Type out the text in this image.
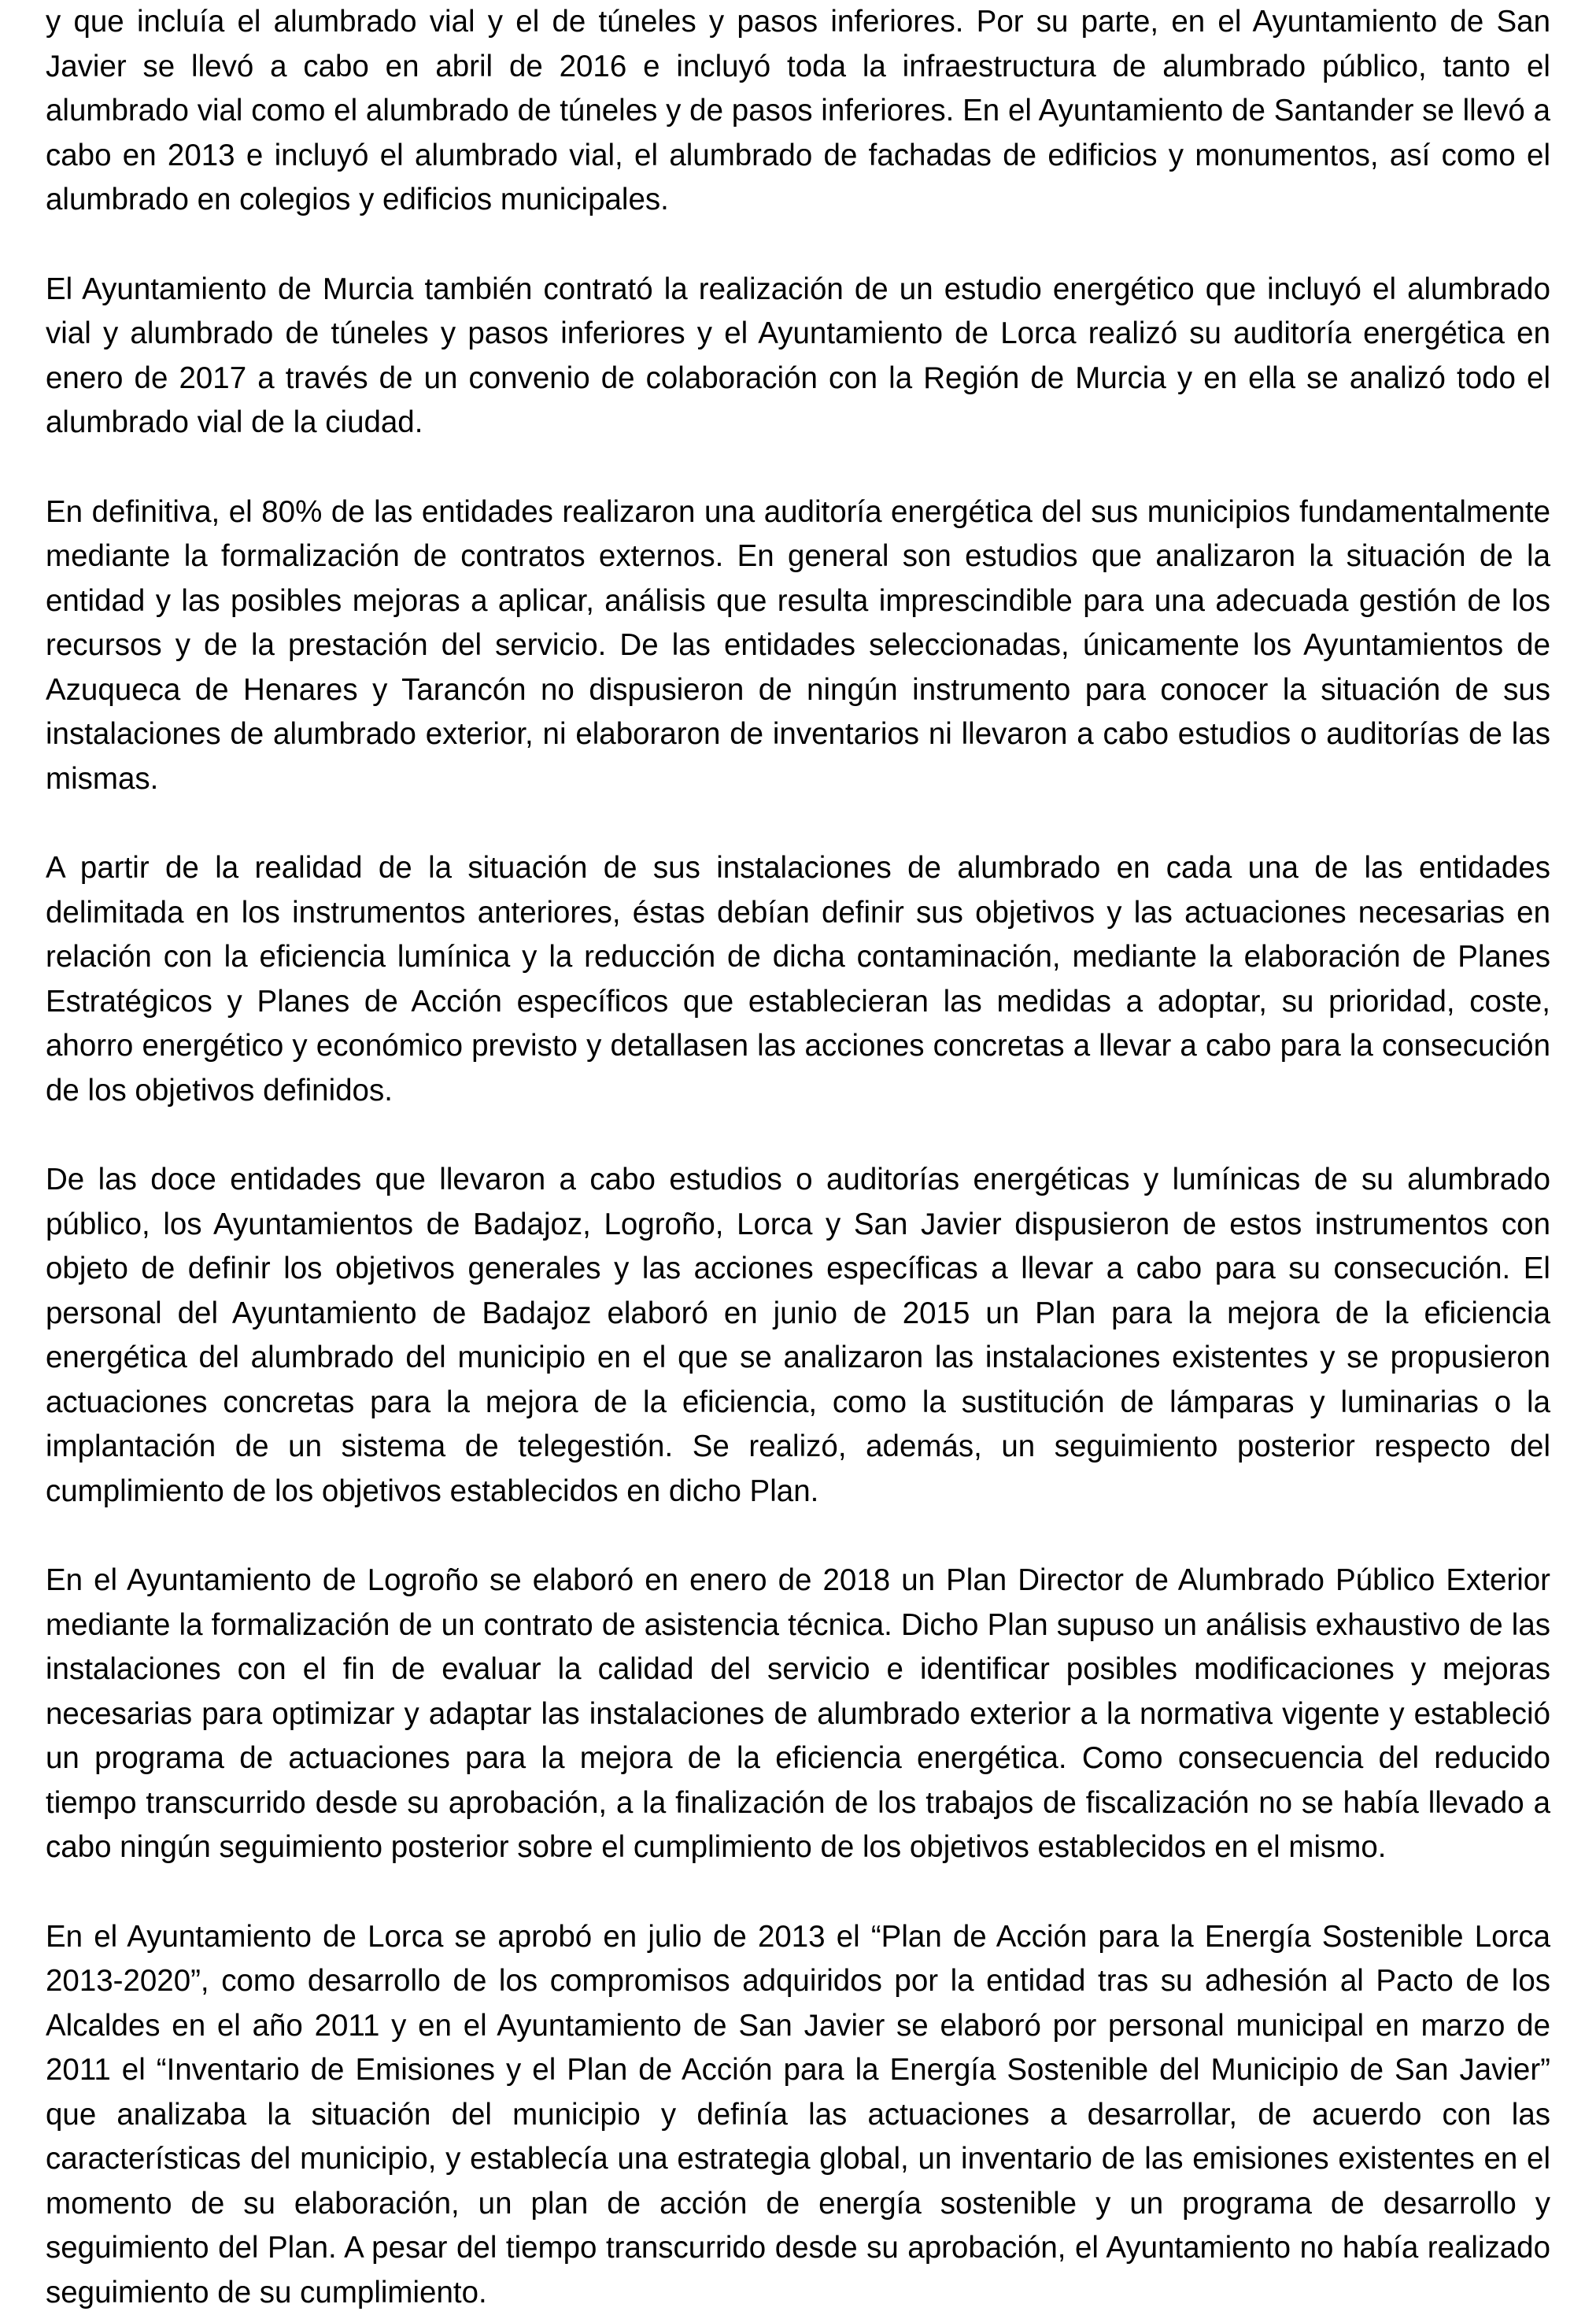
y que incluía el alumbrado vial y el de túneles y pasos inferiores. Por su parte, en el Ayuntamiento de San Javier se llevó a cabo en abril de 2016 e incluyó toda la infraestructura de alumbrado público, tanto el alumbrado vial como el alumbrado de túneles y de pasos inferiores. En el Ayuntamiento de Santander se llevó a cabo en 2013 e incluyó el alumbrado vial, el alumbrado de fachadas de edificios y monumentos, así como el alumbrado en colegios y edificios municipales.

El Ayuntamiento de Murcia también contrató la realización de un estudio energético que incluyó el alumbrado vial y alumbrado de túneles y pasos inferiores y el Ayuntamiento de Lorca realizó su auditoría energética en enero de 2017 a través de un convenio de colaboración con la Región de Murcia y en ella se analizó todo el alumbrado vial de la ciudad.

En definitiva, el 80% de las entidades realizaron una auditoría energética del sus municipios fundamentalmente mediante la formalización de contratos externos. En general son estudios que analizaron la situación de la entidad y las posibles mejoras a aplicar, análisis que resulta imprescindible para una adecuada gestión de los recursos y de la prestación del servicio. De las entidades seleccionadas, únicamente los Ayuntamientos de Azuqueca de Henares y Tarancón no dispusieron de ningún instrumento para conocer la situación de sus instalaciones de alumbrado exterior, ni elaboraron de inventarios ni llevaron a cabo estudios o auditorías de las mismas.

A partir de la realidad de la situación de sus instalaciones de alumbrado en cada una de las entidades delimitada en los instrumentos anteriores, éstas debían definir sus objetivos y las actuaciones necesarias en relación con la eficiencia lumínica y la reducción de dicha contaminación, mediante la elaboración de Planes Estratégicos y Planes de Acción específicos que establecieran las medidas a adoptar, su prioridad, coste, ahorro energético y económico previsto y detallasen las acciones concretas a llevar a cabo para la consecución de los objetivos definidos.

De las doce entidades que llevaron a cabo estudios o auditorías energéticas y lumínicas de su alumbrado público, los Ayuntamientos de Badajoz, Logroño, Lorca y San Javier dispusieron de estos instrumentos con objeto de definir los objetivos generales y las acciones específicas a llevar a cabo para su consecución. El personal del Ayuntamiento de Badajoz elaboró en junio de 2015 un Plan para la mejora de la eficiencia energética del alumbrado del municipio en el que se analizaron las instalaciones existentes y se propusieron actuaciones concretas para la mejora de la eficiencia, como la sustitución de lámparas y luminarias o la implantación de un sistema de telegestión. Se realizó, además, un seguimiento posterior respecto del cumplimiento de los objetivos establecidos en dicho Plan.

En el Ayuntamiento de Logroño se elaboró en enero de 2018 un Plan Director de Alumbrado Público Exterior mediante la formalización de un contrato de asistencia técnica. Dicho Plan supuso un análisis exhaustivo de las instalaciones con el fin de evaluar la calidad del servicio e identificar posibles modificaciones y mejoras necesarias para optimizar y adaptar las instalaciones de alumbrado exterior a la normativa vigente y estableció un programa de actuaciones para la mejora de la eficiencia energética. Como consecuencia del reducido tiempo transcurrido desde su aprobación, a la finalización de los trabajos de fiscalización no se había llevado a cabo ningún seguimiento posterior sobre el cumplimiento de los objetivos establecidos en el mismo.

En el Ayuntamiento de Lorca se aprobó en julio de 2013 el “Plan de Acción para la Energía Sostenible Lorca 2013-2020”, como desarrollo de los compromisos adquiridos por la entidad tras su adhesión al Pacto de los Alcaldes en el año 2011 y en el Ayuntamiento de San Javier se elaboró por personal municipal en marzo de 2011 el “Inventario de Emisiones y el Plan de Acción para la Energía Sostenible del Municipio de San Javier” que analizaba la situación del municipio y definía las actuaciones a desarrollar, de acuerdo con las características del municipio, y establecía una estrategia global, un inventario de las emisiones existentes en el momento de su elaboración, un plan de acción de energía sostenible y un programa de desarrollo y seguimiento del Plan. A pesar del tiempo transcurrido desde su aprobación, el Ayuntamiento no había realizado seguimiento de su cumplimiento.
